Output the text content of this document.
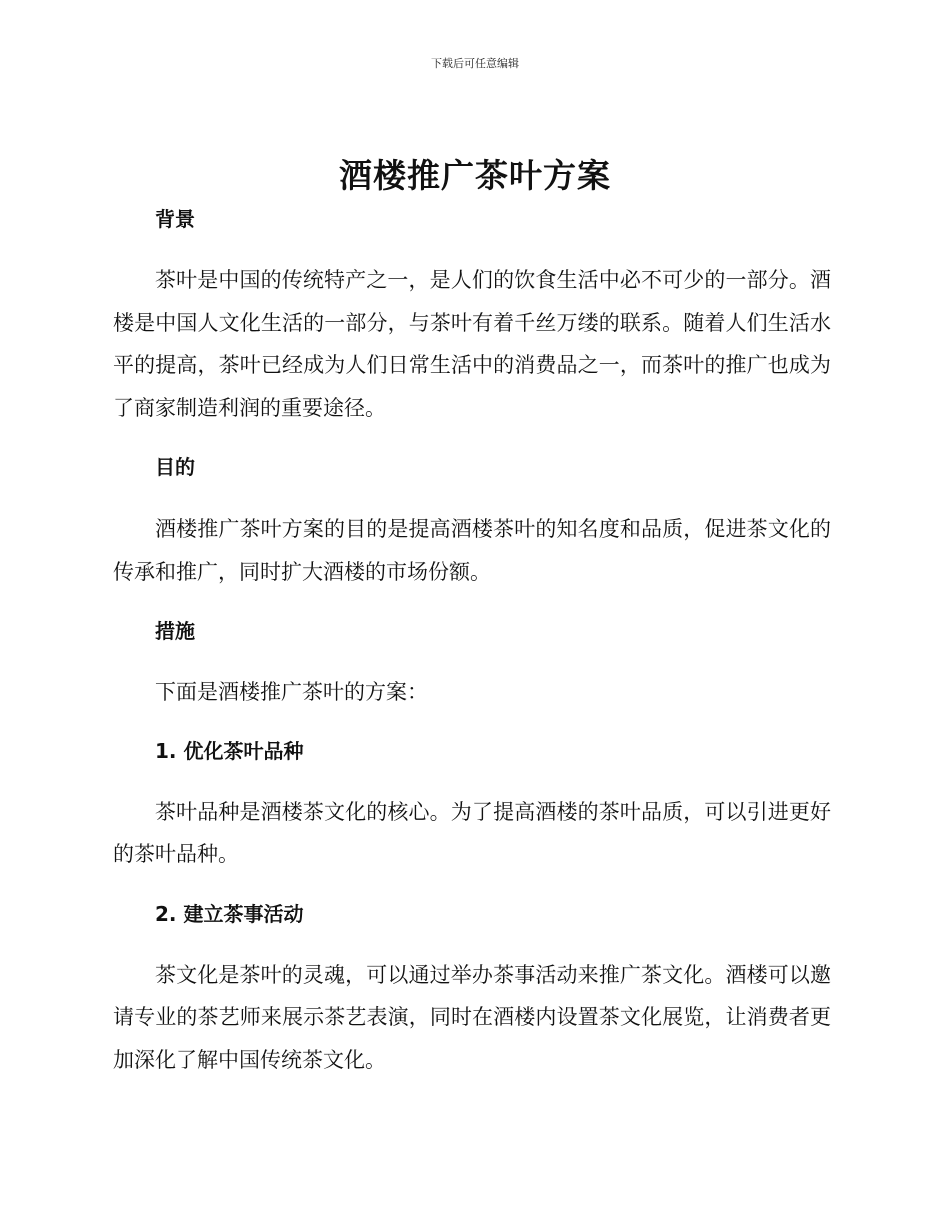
下载后可任意编辑
酒楼推广茶叶方案

背景

茶叶是中国的传统特产之一，是人们的饮食生活中必不可少的一部分。酒楼是中国人文化生活的一部分，与茶叶有着千丝万缕的联系。随着人们生活水平的提高，茶叶已经成为人们日常生活中的消费品之一，而茶叶的推广也成为了商家制造利润的重要途径。

目的

酒楼推广茶叶方案的目的是提高酒楼茶叶的知名度和品质，促进茶文化的传承和推广，同时扩大酒楼的市场份额。

措施

下面是酒楼推广茶叶的方案：

1. 优化茶叶品种

茶叶品种是酒楼茶文化的核心。为了提高酒楼的茶叶品质，可以引进更好的茶叶品种。

2. 建立茶事活动

茶文化是茶叶的灵魂，可以通过举办茶事活动来推广茶文化。酒楼可以邀请专业的茶艺师来展示茶艺表演，同时在酒楼内设置茶文化展览，让消费者更加深化了解中国传统茶文化。
